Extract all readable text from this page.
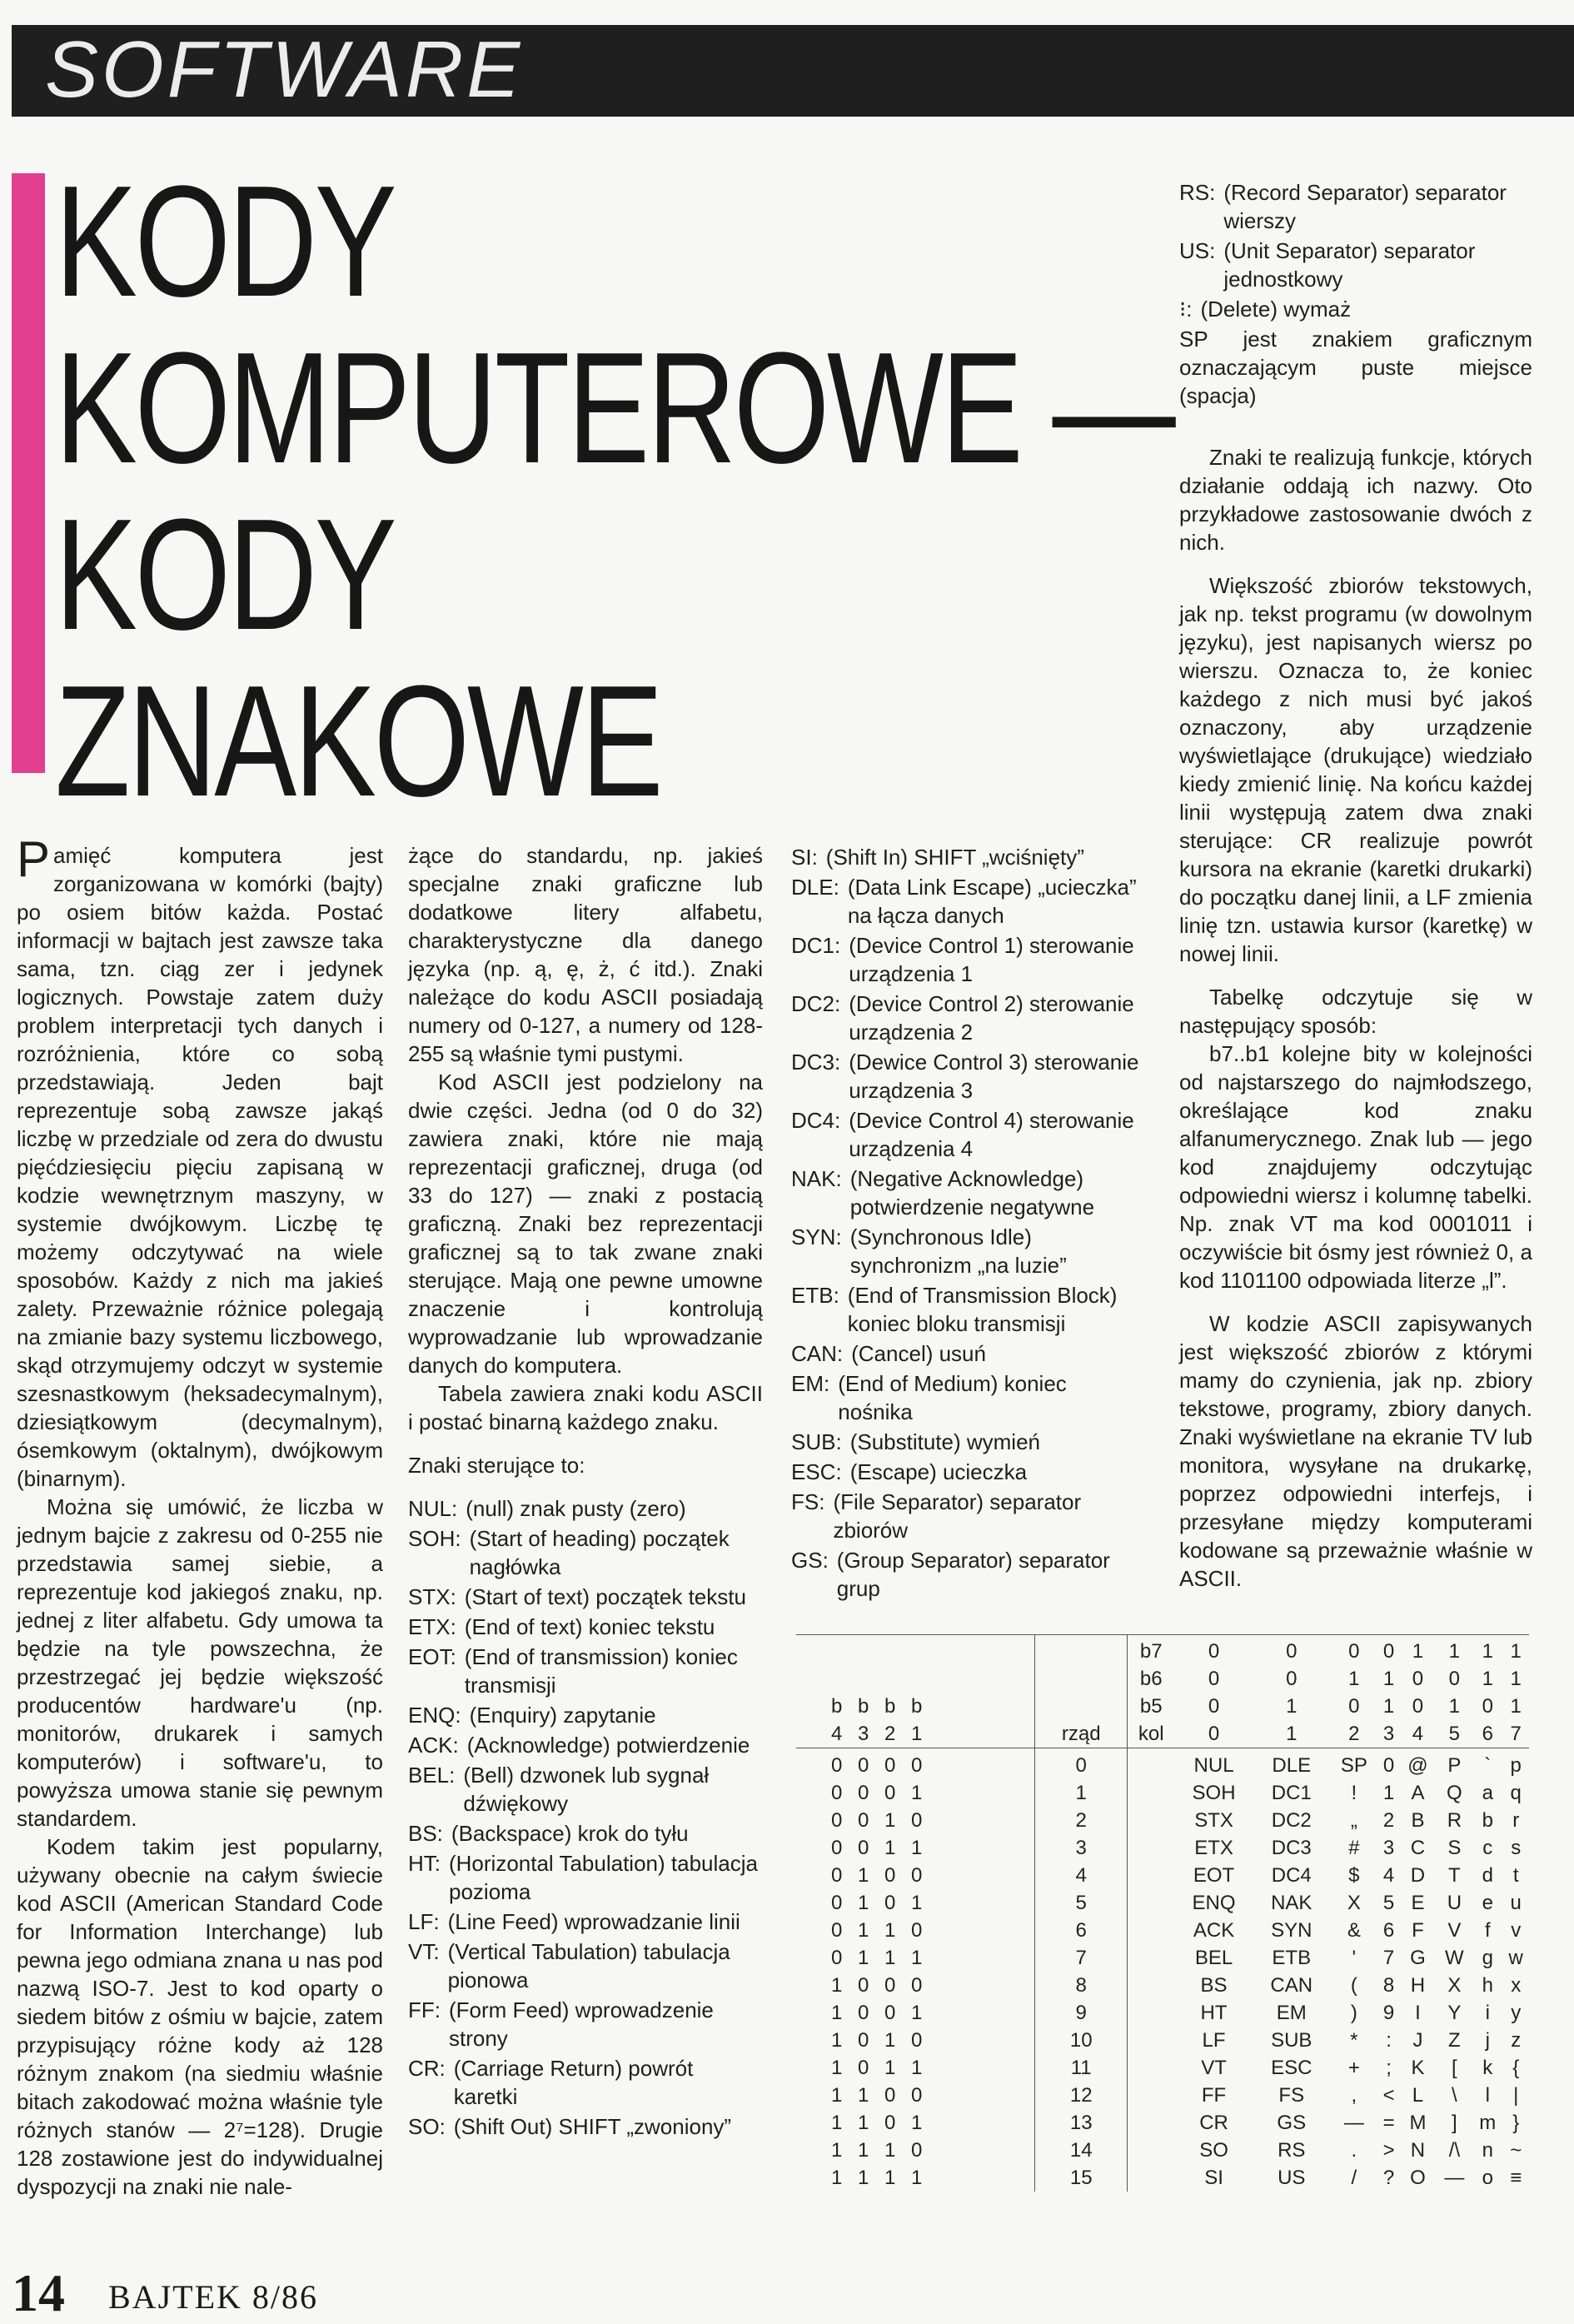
SOFTWARE
KODY
KOMPUTEROWE —
KODY
ZNAKOWE

Pamięć komputera jest zorganizowana w komórki (bajty) po osiem bitów każda. Postać informacji w bajtach jest zawsze taka sama, tzn. ciąg zer i jedynek logicznych. Powstaje zatem duży problem interpretacji tych danych i rozróżnienia, które co sobą przedstawiają. Jeden bajt reprezentuje sobą zawsze jakąś liczbę w przedziale od zera do dwustu pięćdziesięciu pięciu zapisaną w kodzie wewnętrznym maszyny, w systemie dwójkowym. Liczbę tę możemy odczytywać na wiele sposobów. Każdy z nich ma jakieś zalety. Przeważnie różnice polegają na zmianie bazy systemu liczbowego, skąd otrzymujemy odczyt w systemie szesnastkowym (heksadecymalnym), dziesiątkowym (decymalnym), ósemkowym (oktalnym), dwójkowym (binarnym).

Można się umówić, że liczba w jednym bajcie z zakresu od 0-255 nie przedstawia samej siebie, a reprezentuje kod jakiegoś znaku, np. jednej z liter alfabetu. Gdy umowa ta będzie na tyle powszechna, że przestrzegać jej będzie większość producentów hardware'u (np. monitorów, drukarek i samych komputerów) i software'u, to powyższa umowa stanie się pewnym standardem.

Kodem takim jest popularny, używany obecnie na całym świecie kod ASCII (American Standard Code for Information Interchange) lub pewna jego odmiana znana u nas pod nazwą ISO-7. Jest to kod oparty o siedem bitów z ośmiu w bajcie, zatem przypisujący różne kody aż 128 różnym znakom (na siedmiu właśnie bitach zakodować można właśnie tyle różnych stanów — 2⁷=128). Drugie 128 zostawione jest do indywidualnej dyspozycji na znaki nie nale-

żące do standardu, np. jakieś specjalne znaki graficzne lub dodatkowe litery alfabetu, charakterystyczne dla danego języka (np. ą, ę, ż, ć itd.). Znaki należące do kodu ASCII posiadają numery od 0-127, a numery od 128-255 są właśnie tymi pustymi.

Kod ASCII jest podzielony na dwie części. Jedna (od 0 do 32) zawiera znaki, które nie mają reprezentacji graficznej, druga (od 33 do 127) — znaki z postacią graficzną. Znaki bez reprezentacji graficznej są to tak zwane znaki sterujące. Mają one pewne umowne znaczenie i kontrolują wyprowadzanie lub wprowadzanie danych do komputera.

Tabela zawiera znaki kodu ASCII i postać binarną każdego znaku.

Znaki sterujące to:

NUL: (null) znak pusty (zero)
SOH: (Start of heading) początek nagłówka
STX: (Start of text) początek tekstu
ETX: (End of text) koniec tekstu
EOT: (End of transmission) koniec transmisji
ENQ: (Enquiry) zapytanie
ACK: (Acknowledge) potwierdzenie
BEL: (Bell) dzwonek lub sygnał dźwiękowy
BS: (Backspace) krok do tyłu
HT: (Horizontal Tabulation) tabulacja pozioma
LF: (Line Feed) wprowadzanie linii
VT: (Vertical Tabulation) tabulacja pionowa
FF: (Form Feed) wprowadzenie strony
CR: (Carriage Return) powrót karetki
SO: (Shift Out) SHIFT „zwoniony”
SI: (Shift In) SHIFT „wciśnięty”
DLE: (Data Link Escape) „ucieczka” na łącza danych
DC1: (Device Control 1) sterowanie urządzenia 1
DC2: (Device Control 2) sterowanie urządzenia 2
DC3: (Dewice Control 3) sterowanie urządzenia 3
DC4: (Device Control 4) sterowanie urządzenia 4
NAK: (Negative Acknowledge) potwierdzenie negatywne
SYN: (Synchronous Idle) synchronizm „na luzie”
ETB: (End of Transmission Block) koniec bloku transmisji
CAN: (Cancel) usuń
EM: (End of Medium) koniec nośnika
SUB: (Substitute) wymień
ESC: (Escape) ucieczka
FS: (File Separator) separator zbiorów
GS: (Group Separator) separator grup
RS: (Record Separator) separator wierszy
US: (Unit Separator) separator jednostkowy
⁝: (Delete) wymaż

SP jest znakiem graficznym oznaczającym puste miejsce (spacja)

Znaki te realizują funkcje, których działanie oddają ich nazwy. Oto przykładowe zastosowanie dwóch z nich.

Większość zbiorów tekstowych, jak np. tekst programu (w dowolnym języku), jest napisanych wiersz po wierszu. Oznacza to, że koniec każdego z nich musi być jakoś oznaczony, aby urządzenie wyświetlające (drukujące) wiedziało kiedy zmienić linię. Na końcu każdej linii występują zatem dwa znaki sterujące: CR realizuje powrót kursora na ekranie (karetki drukarki) do początku danej linii, a LF zmienia linię tzn. ustawia kursor (karetkę) w nowej linii.

Tabelkę odczytuje się w następujący sposób:

b7..b1 kolejne bity w kolejności od najstarszego do najmłodszego, określające kod znaku alfanumerycznego. Znak lub — jego kod znajdujemy odczytując odpowiedni wiersz i kolumnę tabelki. Np. znak VT ma kod 0001011 i oczywiście bit ósmy jest również 0, a kod 1101100 odpowiada literze „l”.

W kodzie ASCII zapisywanych jest większość zbiorów z którymi mamy do czynienia, jak np. zbiory tekstowe, programy, zbiory danych. Znaki wyświetlane na ekranie TV lub monitora, wysyłane na drukarkę, poprzez odpowiedni interfejs, i przesyłane między komputerami kodowane są przeważnie właśnie w ASCII.

		b7	0	0	0	0	1	1	1	1
		b6	0	0	1	1	0	0	1	1
b b b b		b5	0	1	0	1	0	1	0	1
4 3 2 1	rząd	kol	0	1	2	3	4	5	6	7
0 0 0 0	0		NUL	DLE	SP	0	@	P	`	p
0 0 0 1	1		SOH	DC1	!	1	A	Q	a	q
0 0 1 0	2		STX	DC2	„	2	B	R	b	r
0 0 1 1	3		ETX	DC3	#	3	C	S	c	s
0 1 0 0	4		EOT	DC4	$	4	D	T	d	t
0 1 0 1	5		ENQ	NAK	X	5	E	U	e	u
0 1 1 0	6		ACK	SYN	&	6	F	V	f	v
0 1 1 1	7		BEL	ETB	'	7	G	W	g	w
1 0 0 0	8		BS	CAN	(	8	H	X	h	x
1 0 0 1	9		HT	EM	)	9	I	Y	i	y
1 0 1 0	10		LF	SUB	*	:	J	Z	j	z
1 0 1 1	11		VT	ESC	+	;	K	[	k	{
1 1 0 0	12		FF	FS	,	<	L	\	l	|
1 1 0 1	13		CR	GS	—	=	M	]	m	}
1 1 1 0	14		SO	RS	.	>	N	/\	n	~
1 1 1 1	15		SI	US	/	?	O	—	o	≡
14 BAJTEK 8/86
